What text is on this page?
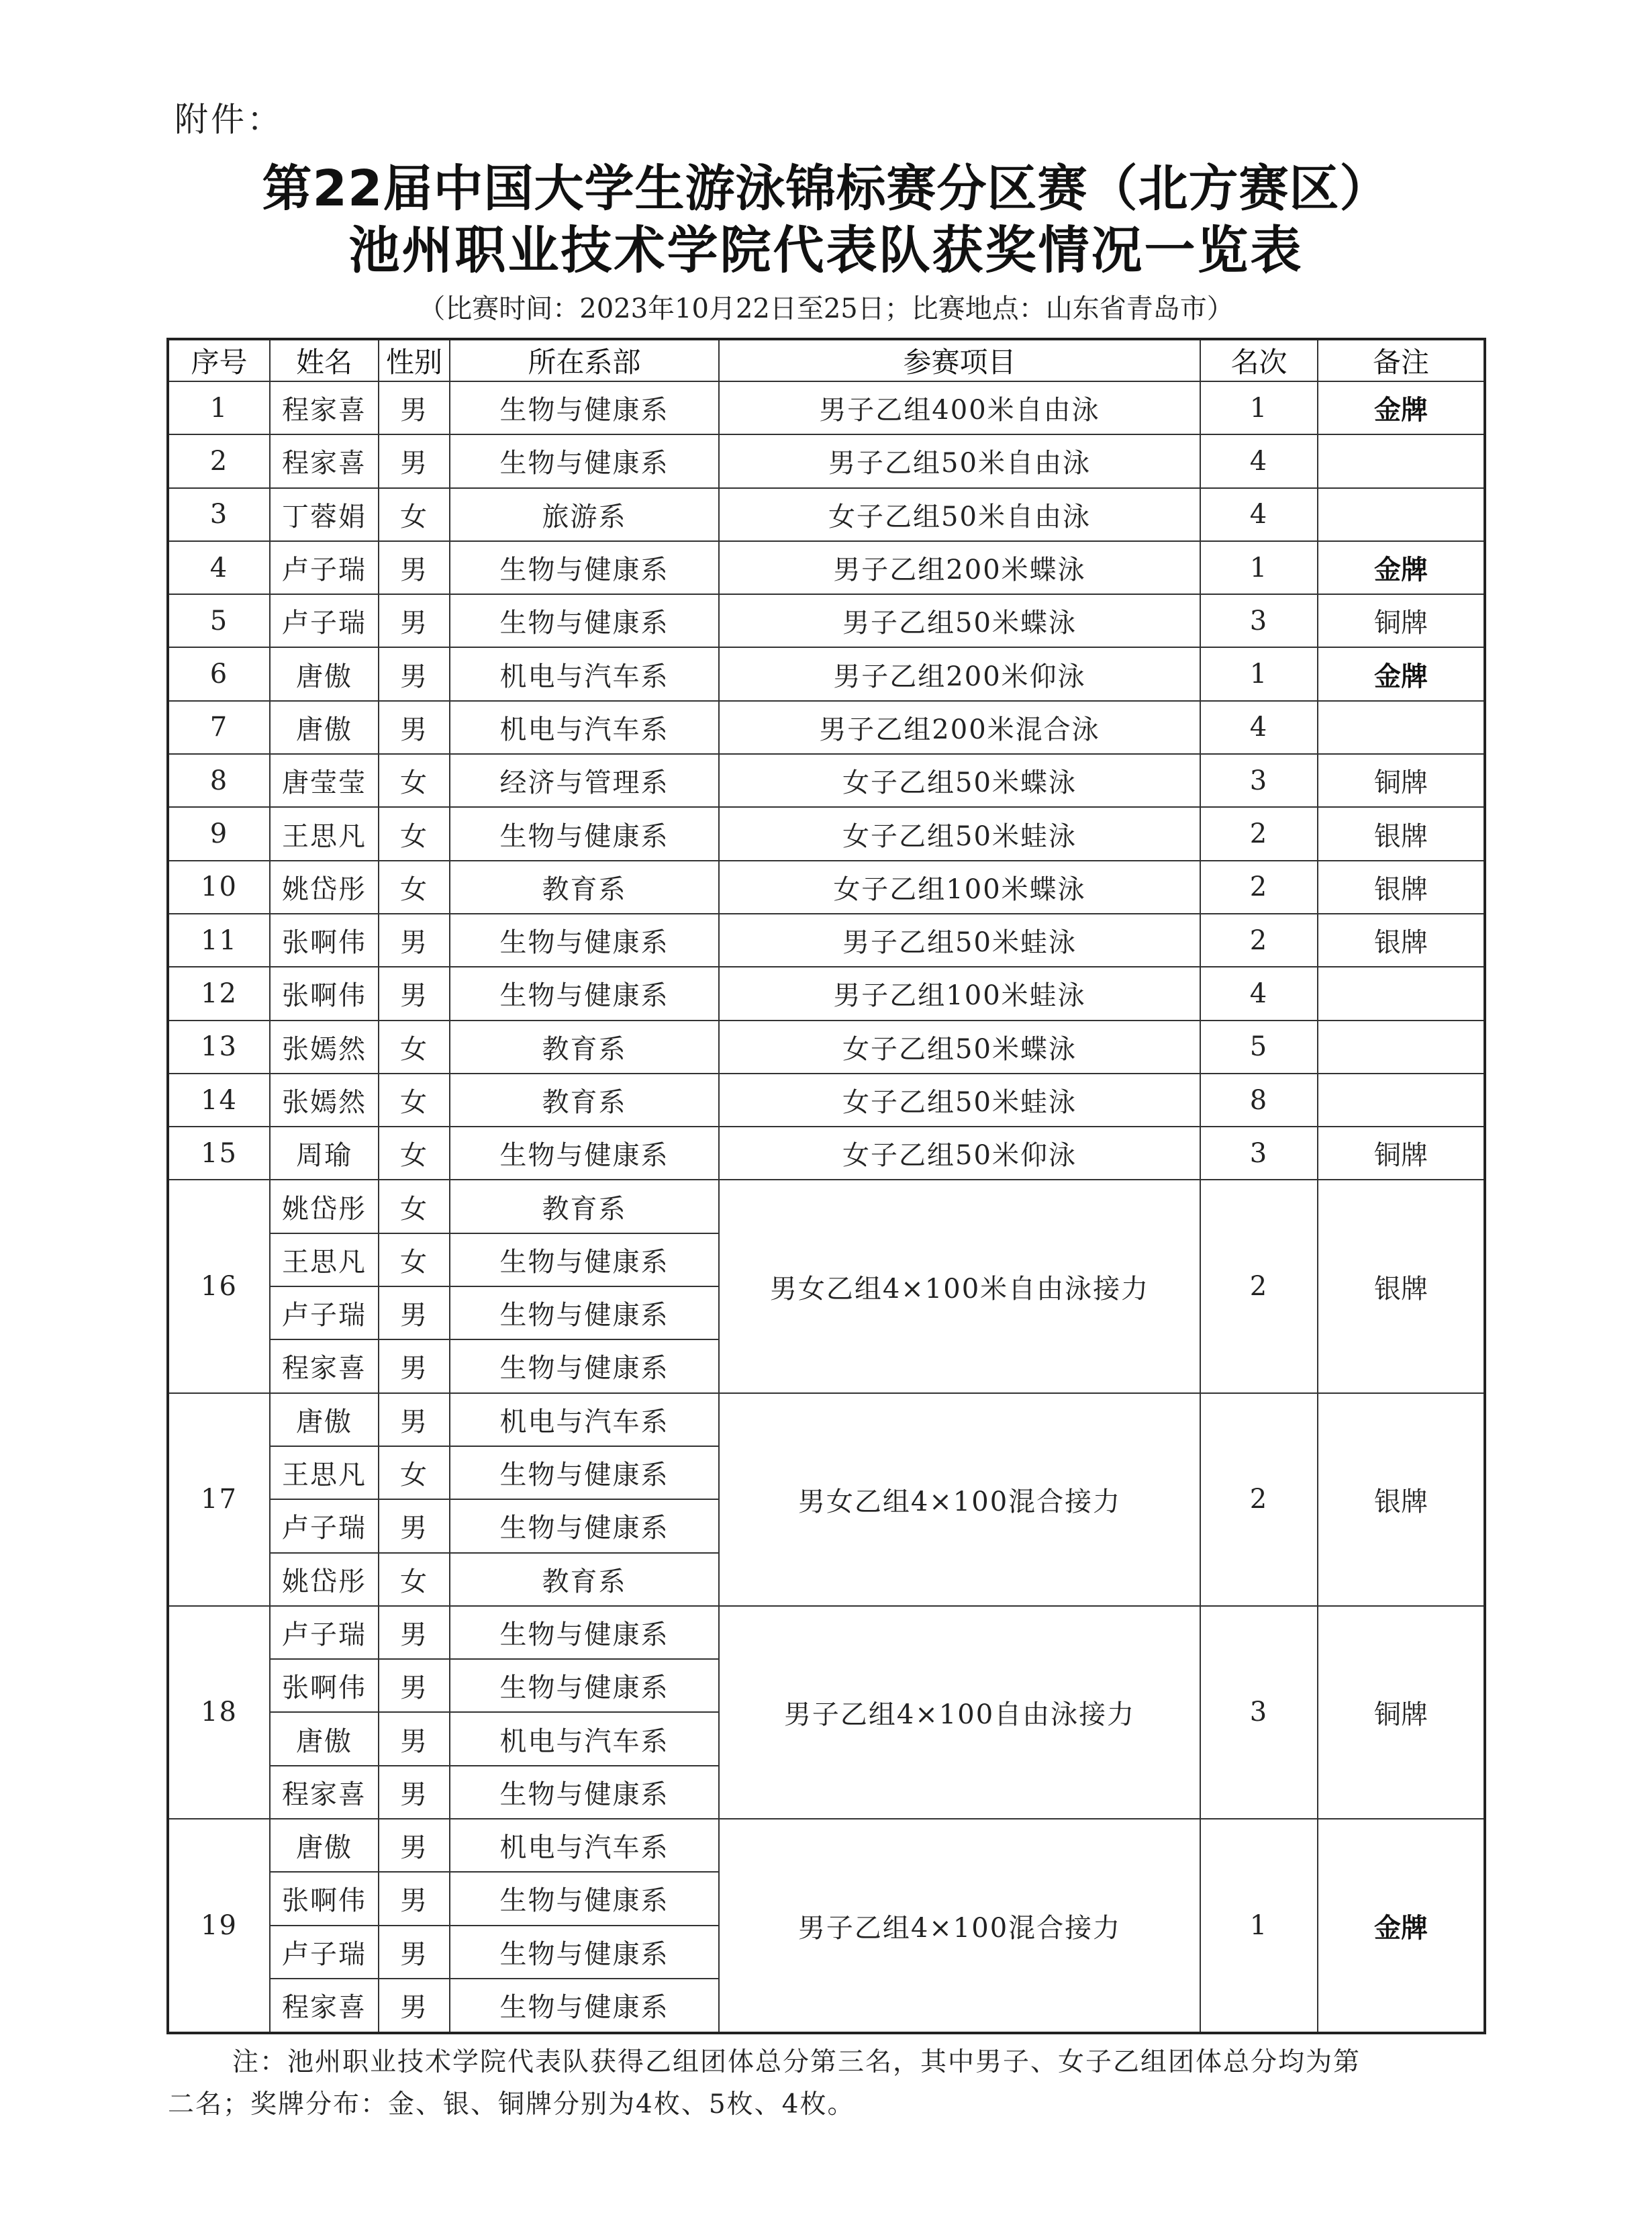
附件：
第22届中国大学生游泳锦标赛分区赛（北方赛区）
池州职业技术学院代表队获奖情况一览表
（比赛时间：2023年10月22日至25日；比赛地点：山东省青岛市）
序号	姓名	性别	所在系部	参赛项目	名次	备注
1	程家喜	男	生物与健康系	男子乙组400米自由泳	1	金牌
2	程家喜	男	生物与健康系	男子乙组50米自由泳	4	
3	丁蓉娟	女	旅游系	女子乙组50米自由泳	4	
4	卢子瑞	男	生物与健康系	男子乙组200米蝶泳	1	金牌
5	卢子瑞	男	生物与健康系	男子乙组50米蝶泳	3	铜牌
6	唐傲	男	机电与汽车系	男子乙组200米仰泳	1	金牌
7	唐傲	男	机电与汽车系	男子乙组200米混合泳	4	
8	唐莹莹	女	经济与管理系	女子乙组50米蝶泳	3	铜牌
9	王思凡	女	生物与健康系	女子乙组50米蛙泳	2	银牌
10	姚岱彤	女	教育系	女子乙组100米蝶泳	2	银牌
11	张啊伟	男	生物与健康系	男子乙组50米蛙泳	2	银牌
12	张啊伟	男	生物与健康系	男子乙组100米蛙泳	4	
13	张嫣然	女	教育系	女子乙组50米蝶泳	5	
14	张嫣然	女	教育系	女子乙组50米蛙泳	8	
15	周瑜	女	生物与健康系	女子乙组50米仰泳	3	铜牌
16	姚岱彤	女	教育系	男女乙组4×100米自由泳接力	2	银牌
	王思凡	女	生物与健康系			
	卢子瑞	男	生物与健康系			
	程家喜	男	生物与健康系			
17	唐傲	男	机电与汽车系	男女乙组4×100混合接力	2	银牌
	王思凡	女	生物与健康系			
	卢子瑞	男	生物与健康系			
	姚岱彤	女	教育系			
18	卢子瑞	男	生物与健康系	男子乙组4×100自由泳接力	3	铜牌
	张啊伟	男	生物与健康系			
	唐傲	男	机电与汽车系			
	程家喜	男	生物与健康系			
19	唐傲	男	机电与汽车系	男子乙组4×100混合接力	1	金牌
	张啊伟	男	生物与健康系			
	卢子瑞	男	生物与健康系			
	程家喜	男	生物与健康系			

注：池州职业技术学院代表队获得乙组团体总分第三名，其中男子、女子乙组团体总分均为第

二名；奖牌分布：金、银、铜牌分别为4枚、5枚、4枚。
